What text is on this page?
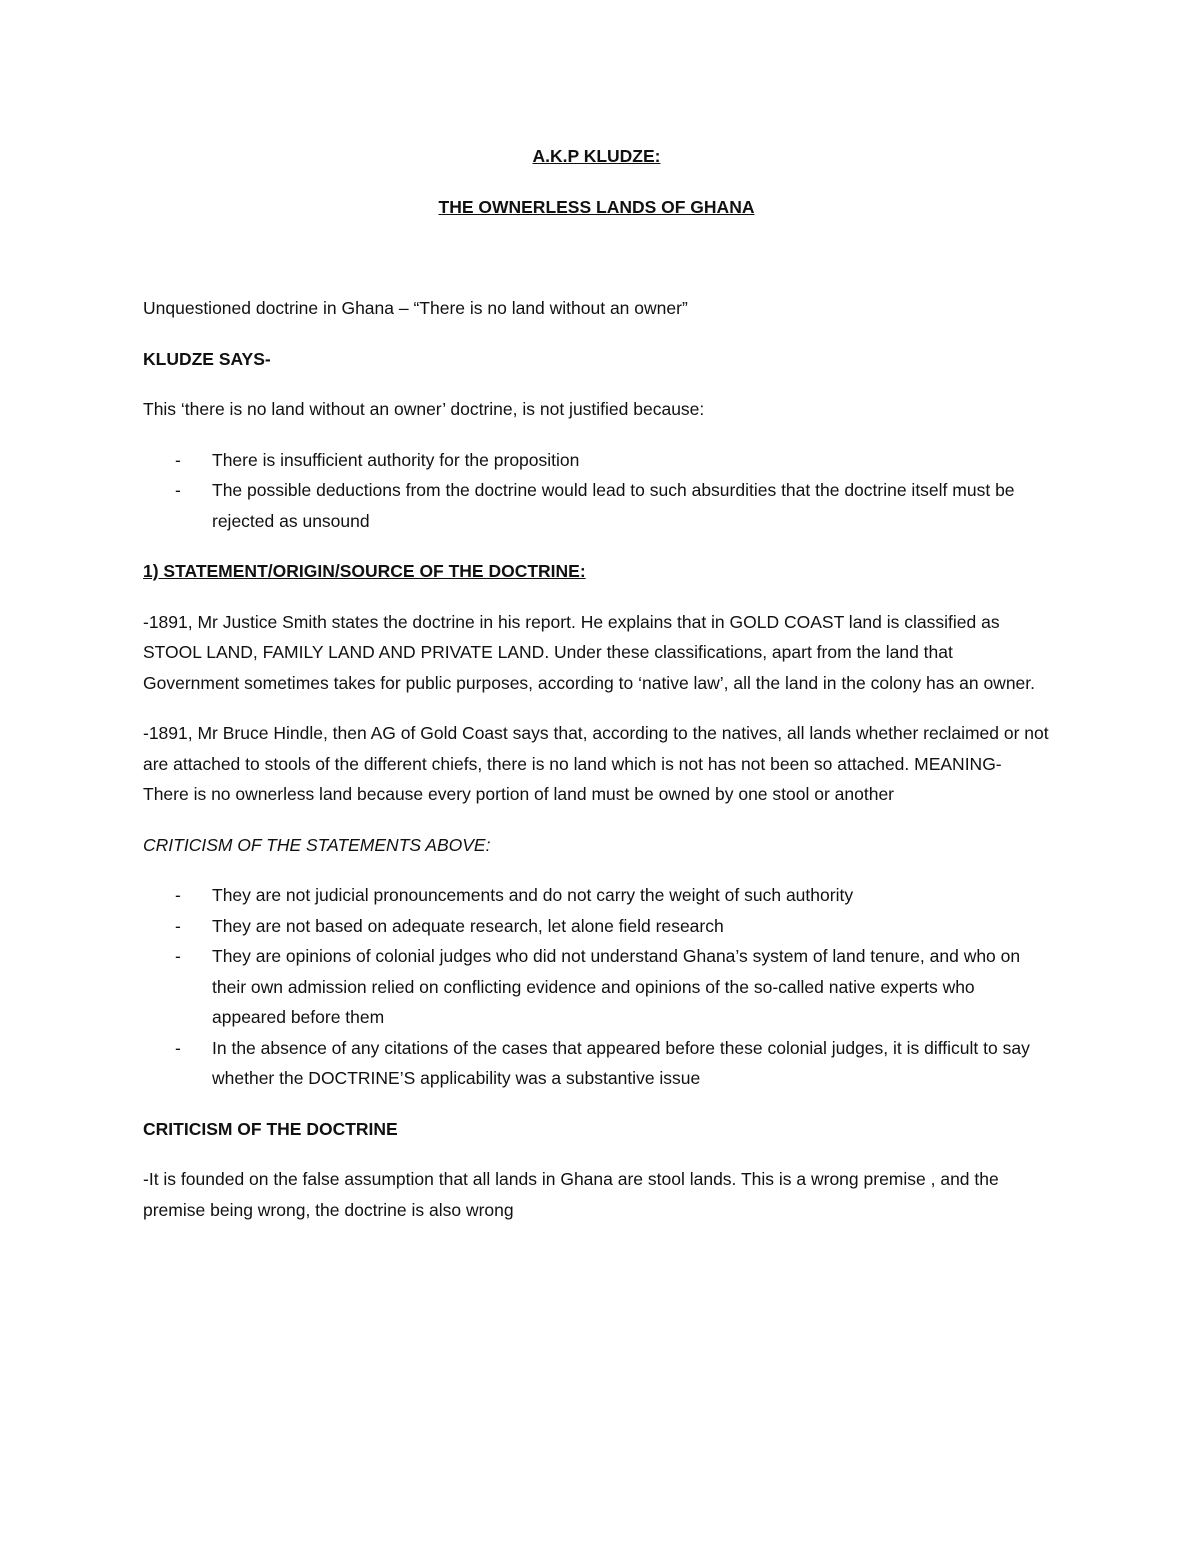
A.K.P KLUDZE:
THE OWNERLESS LANDS OF GHANA

Unquestioned doctrine in Ghana – “There is no land without an owner”

KLUDZE SAYS-

This ‘there is no land without an owner’ doctrine, is not justified because:

- There is insufficient authority for the proposition
- The possible deductions from the doctrine would lead to such absurdities that the doctrine itself must be rejected as unsound

1) STATEMENT/ORIGIN/SOURCE OF THE DOCTRINE:

-1891, Mr Justice Smith states the doctrine in his report. He explains that in GOLD COAST land is classified as STOOL LAND, FAMILY LAND AND PRIVATE LAND. Under these classifications, apart from the land that Government sometimes takes for public purposes, according to ‘native law’, all the land in the colony has an owner.

-1891, Mr Bruce Hindle, then AG of Gold Coast says that, according to the natives, all lands whether reclaimed or not are attached to stools of the different chiefs, there is no land which is not has not been so attached. MEANING- There is no ownerless land because every portion of land must be owned by one stool or another

CRITICISM OF THE STATEMENTS ABOVE:

- They are not judicial pronouncements and do not carry the weight of such authority
- They are not based on adequate research, let alone field research
- They are opinions of colonial judges who did not understand Ghana’s system of land tenure, and who on their own admission relied on conflicting evidence and opinions of the so-called native experts who appeared before them
- In the absence of any citations of the cases that appeared before these colonial judges, it is difficult to say whether the DOCTRINE’S applicability was a substantive issue

CRITICISM OF THE DOCTRINE

-It is founded on the false assumption that all lands in Ghana are stool lands. This is a wrong premise , and the premise being wrong, the doctrine is also wrong
